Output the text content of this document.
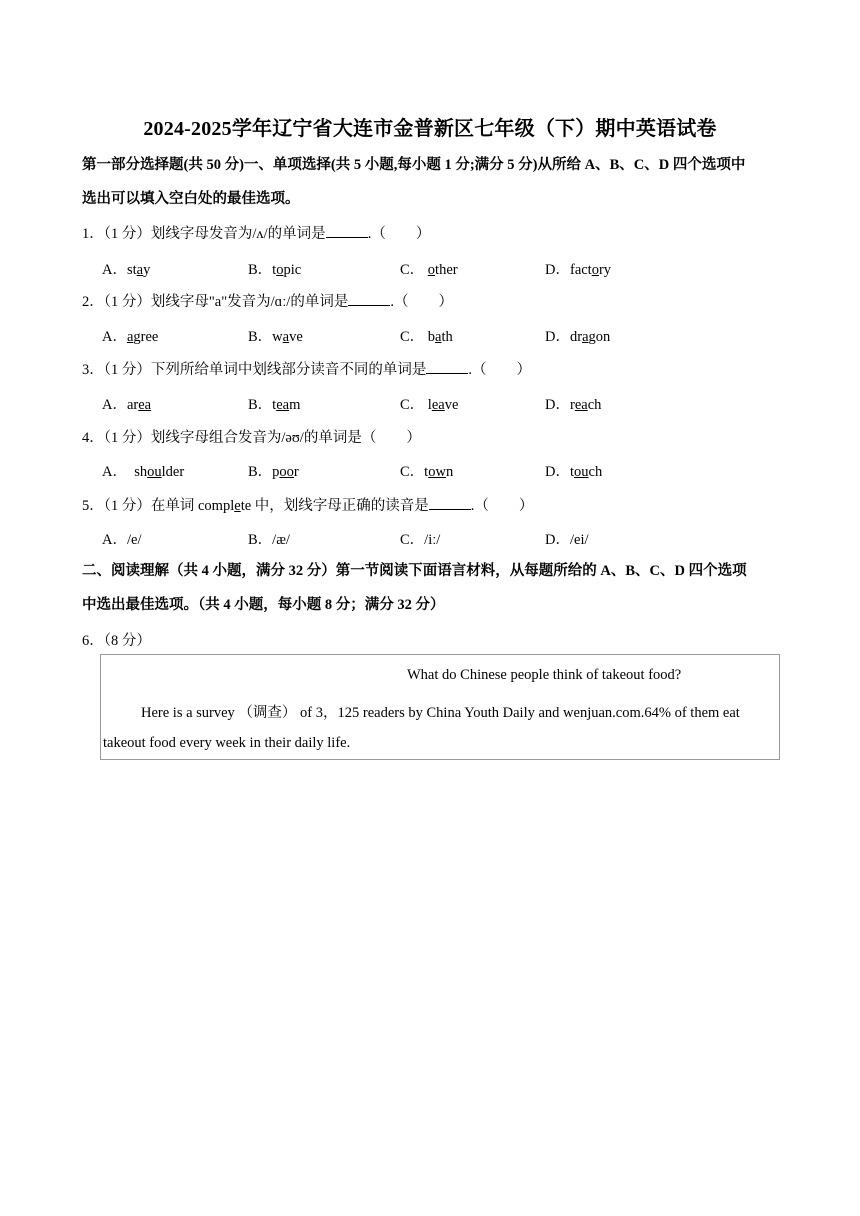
2024-2025学年辽宁省大连市金普新区七年级（下）期中英语试卷
第一部分选择题(共 50 分)一、单项选择(共 5 小题,每小题 1 分;满分 5 分)从所给 A、B、C、D 四个选项中
选出可以填入空白处的最佳选项。
1．（1 分）划线字母发音为/ʌ/的单词是	.（ ）
A．stay	B．topic	C． other	D．factory
2．（1 分）划线字母"a"发音为/ɑː/的单词是	.（ ）
A．agree	B．wave	C． bath	D．dragon
3．（1 分）下列所给单词中划线部分读音不同的单词是	.（ ）
A．area	B．team	C． leave	D．reach
4．（1 分）划线字母组合发音为/əʊ/的单词是（ ）
A． shoulder	B．poor	C．town	D．touch
5．（1 分）在单词 complete 中，划线字母正确的读音是	.（ ）
A．/e/	B．/æ/	C．/iː/	D．/ei/
二、阅读理解（共 4 小题，满分 32 分）第一节阅读下面语言材料，从每题所给的 A、B、C、D 四个选项
中选出最佳选项。（共 4 小题，每小题 8 分；满分 32 分）
6．（8 分）
What do Chinese people think of takeout food?
Here is a survey （调查） of 3，125 readers by China Youth Daily and wenjuan.com.64% of them eat
takeout food every week in their daily life.
